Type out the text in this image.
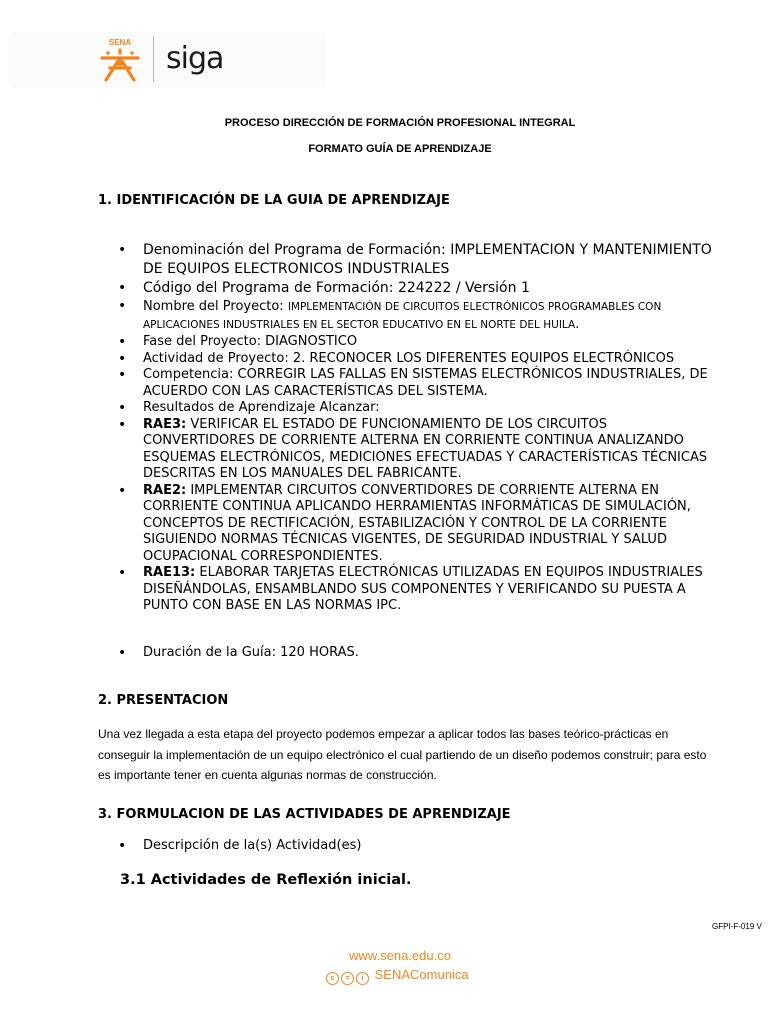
SENA siga
PROCESO DIRECCIÓN DE FORMACIÓN PROFESIONAL INTEGRAL
FORMATO GUÍA DE APRENDIZAJE
1. IDENTIFICACIÓN DE LA GUIA DE APRENDIZAJE
• Denominación del Programa de Formación: IMPLEMENTACION Y MANTENIMIENTO DE EQUIPOS ELECTRONICOS INDUSTRIALES
• Código del Programa de Formación: 224222 / Versión 1
• Nombre del Proyecto: IMPLEMENTACIÓN DE CIRCUITOS ELECTRÓNICOS PROGRAMABLES CON APLICACIONES INDUSTRIALES EN EL SECTOR EDUCATIVO EN EL NORTE DEL HUILA.
• Fase del Proyecto: DIAGNOSTICO
• Actividad de Proyecto: 2. RECONOCER LOS DIFERENTES EQUIPOS ELECTRÓNICOS
• Competencia: CORREGIR LAS FALLAS EN SISTEMAS ELECTRÓNICOS INDUSTRIALES, DE ACUERDO CON LAS CARACTERÍSTICAS DEL SISTEMA.
• Resultados de Aprendizaje Alcanzar:
• RAE3: VERIFICAR EL ESTADO DE FUNCIONAMIENTO DE LOS CIRCUITOS CONVERTIDORES DE CORRIENTE ALTERNA EN CORRIENTE CONTINUA ANALIZANDO ESQUEMAS ELECTRÓNICOS, MEDICIONES EFECTUADAS Y CARACTERÍSTICAS TÉCNICAS DESCRITAS EN LOS MANUALES DEL FABRICANTE.
• RAE2: IMPLEMENTAR CIRCUITOS CONVERTIDORES DE CORRIENTE ALTERNA EN CORRIENTE CONTINUA APLICANDO HERRAMIENTAS INFORMÁTICAS DE SIMULACIÓN, CONCEPTOS DE RECTIFICACIÓN, ESTABILIZACIÓN Y CONTROL DE LA CORRIENTE SIGUIENDO NORMAS TÉCNICAS VIGENTES, DE SEGURIDAD INDUSTRIAL Y SALUD OCUPACIONAL CORRESPONDIENTES.
• RAE13: ELABORAR TARJETAS ELECTRÓNICAS UTILIZADAS EN EQUIPOS INDUSTRIALES DISEÑÁNDOLAS, ENSAMBLANDO SUS COMPONENTES Y VERIFICANDO SU PUESTA A PUNTO CON BASE EN LAS NORMAS IPC.
• Duración de la Guía: 120 HORAS.
2. PRESENTACION
Una vez llegada a esta etapa del proyecto podemos empezar a aplicar todos las bases teórico-prácticas en conseguir la implementación de un equipo electrónico el cual partiendo de un diseño podemos construir; para esto es importante tener en cuenta algunas normas de construcción.
3. FORMULACION DE LAS ACTIVIDADES DE APRENDIZAJE
• Descripción de la(s) Actividad(es)
3.1 Actividades de Reflexión inicial.
GFPI-F-019 V
www.sena.edu.co
c = i SENAComunica
